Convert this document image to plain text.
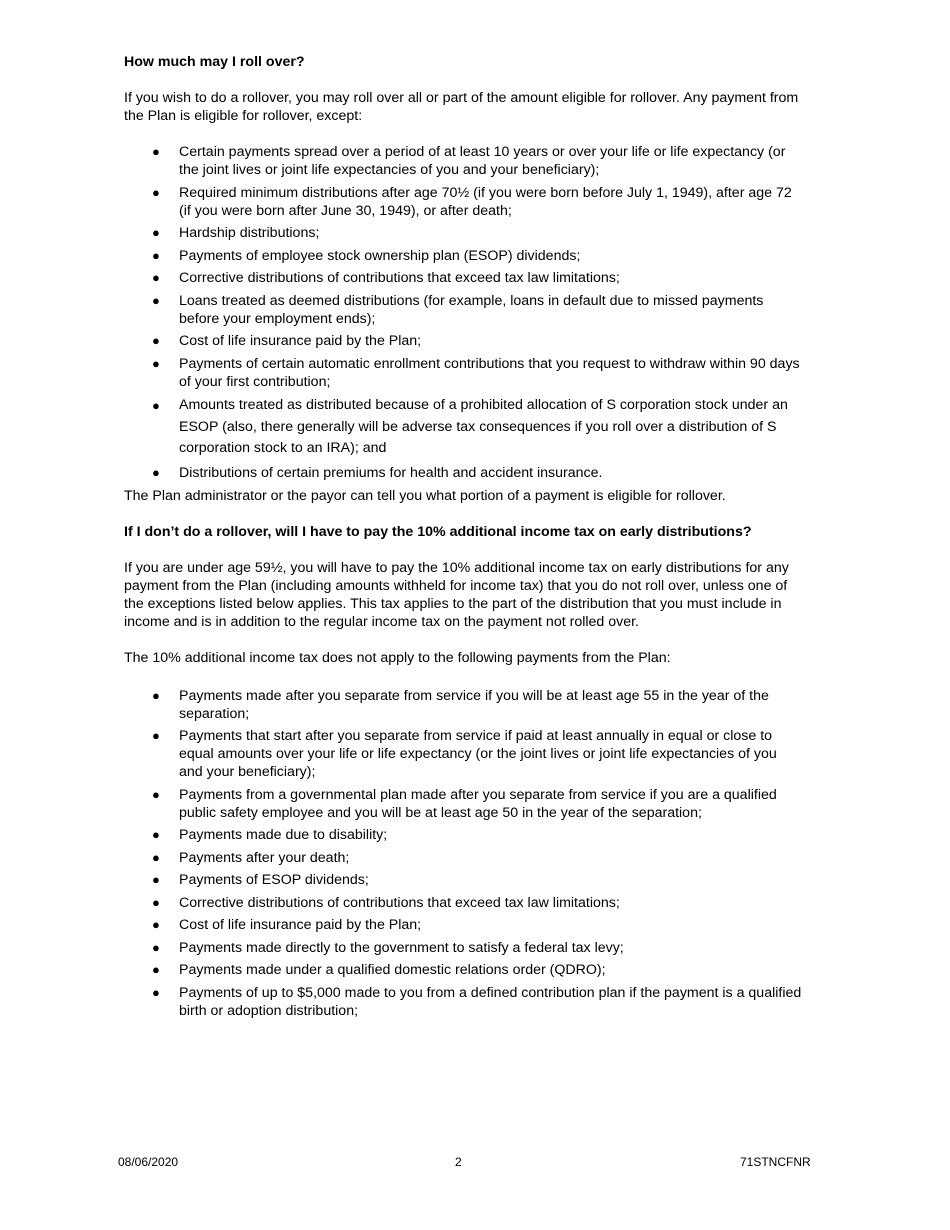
How much may I roll over?

If you wish to do a rollover, you may roll over all or part of the amount eligible for rollover. Any payment from the Plan is eligible for rollover, except:

● Certain payments spread over a period of at least 10 years or over your life or life expectancy (or the joint lives or joint life expectancies of you and your beneficiary);
● Required minimum distributions after age 70½ (if you were born before July 1, 1949), after age 72 (if you were born after June 30, 1949), or after death;
● Hardship distributions;
● Payments of employee stock ownership plan (ESOP) dividends;
● Corrective distributions of contributions that exceed tax law limitations;
● Loans treated as deemed distributions (for example, loans in default due to missed payments before your employment ends);
● Cost of life insurance paid by the Plan;
● Payments of certain automatic enrollment contributions that you request to withdraw within 90 days of your first contribution;
● Amounts treated as distributed because of a prohibited allocation of S corporation stock under an ESOP (also, there generally will be adverse tax consequences if you roll over a distribution of S corporation stock to an IRA); and
● Distributions of certain premiums for health and accident insurance.

The Plan administrator or the payor can tell you what portion of a payment is eligible for rollover.

If I don’t do a rollover, will I have to pay the 10% additional income tax on early distributions?

If you are under age 59½, you will have to pay the 10% additional income tax on early distributions for any payment from the Plan (including amounts withheld for income tax) that you do not roll over, unless one of the exceptions listed below applies. This tax applies to the part of the distribution that you must include in income and is in addition to the regular income tax on the payment not rolled over.

The 10% additional income tax does not apply to the following payments from the Plan:

● Payments made after you separate from service if you will be at least age 55 in the year of the separation;
● Payments that start after you separate from service if paid at least annually in equal or close to equal amounts over your life or life expectancy (or the joint lives or joint life expectancies of you and your beneficiary);
● Payments from a governmental plan made after you separate from service if you are a qualified public safety employee and you will be at least age 50 in the year of the separation;
● Payments made due to disability;
● Payments after your death;
● Payments of ESOP dividends;
● Corrective distributions of contributions that exceed tax law limitations;
● Cost of life insurance paid by the Plan;
● Payments made directly to the government to satisfy a federal tax levy;
● Payments made under a qualified domestic relations order (QDRO);
● Payments of up to $5,000 made to you from a defined contribution plan if the payment is a qualified birth or adoption distribution;
08/06/2020	2	71STNCFNR
